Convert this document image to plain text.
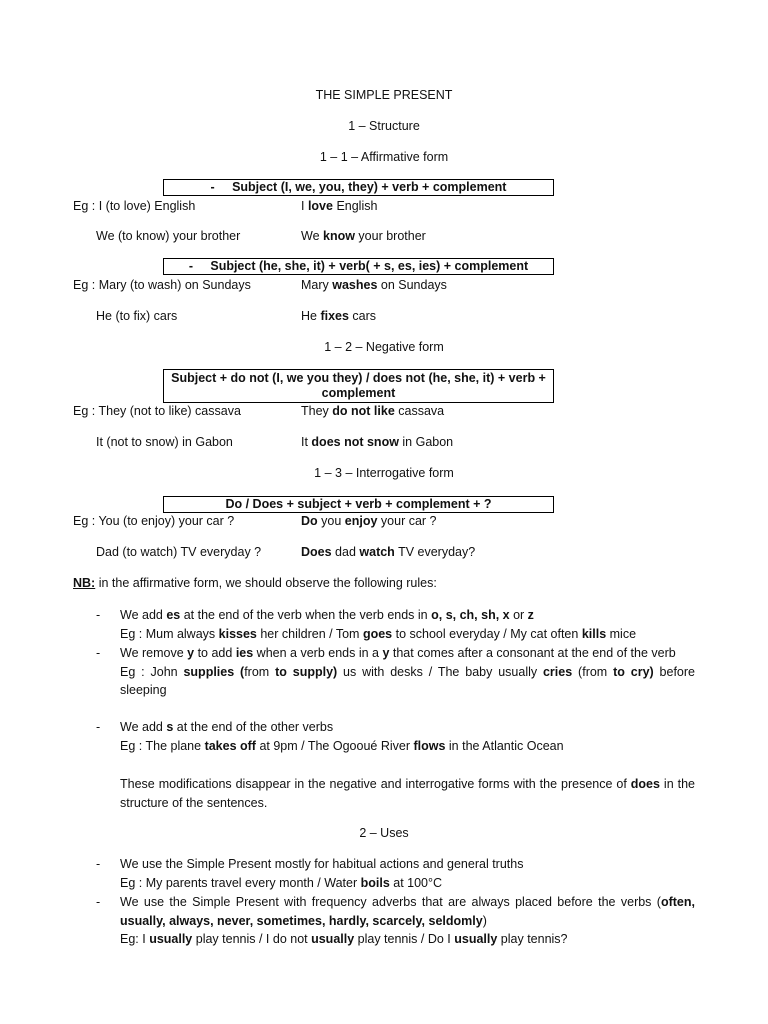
THE SIMPLE PRESENT
1 – Structure
1 – 1 – Affirmative form
-     Subject (I, we, you, they) + verb + complement
Eg : I (to love) English	I love English
We (to know) your brother	We know your brother
-     Subject (he, she, it) + verb( + s, es, ies) + complement
Eg : Mary (to wash) on Sundays	Mary washes on Sundays
He (to fix) cars	He fixes cars
1 – 2 – Negative form
Subject + do not (I, we you they) / does not (he, she, it) + verb +
complement
Eg : They (not to like) cassava	They do not like cassava
It (not to snow) in Gabon	It does not snow in Gabon
1 – 3 – Interrogative form
Do / Does + subject + verb + complement + ?
Eg : You (to enjoy) your car ?	Do you enjoy your car ?
Dad (to watch) TV everyday ?	Does dad watch TV everyday?
NB: in the affirmative form, we should observe the following rules:
- We add es at the end of the verb when the verb ends in o, s, ch, sh, x or z

Eg : Mum always kisses her children / Tom goes to school everyday / My cat often kills mice

- We remove y to add ies when a verb ends in a y that comes after a consonant at the end of the verb

Eg : John supplies (from to supply) us with desks / The baby usually cries (from to cry) before sleeping

- We add s at the end of the other verbs

Eg : The plane takes off at 9pm / The Ogooué River flows in the Atlantic Ocean

These modifications disappear in the negative and interrogative forms with the presence of does in the structure of the sentences.

2 – Uses
- We use the Simple Present mostly for habitual actions and general truths

Eg : My parents travel every month / Water boils at 100°C

- We use the Simple Present with frequency adverbs that are always placed before the verbs (often, usually, always, never, sometimes, hardly, scarcely, seldomly)

Eg: I usually play tennis / I do not usually play tennis / Do I usually play tennis?
